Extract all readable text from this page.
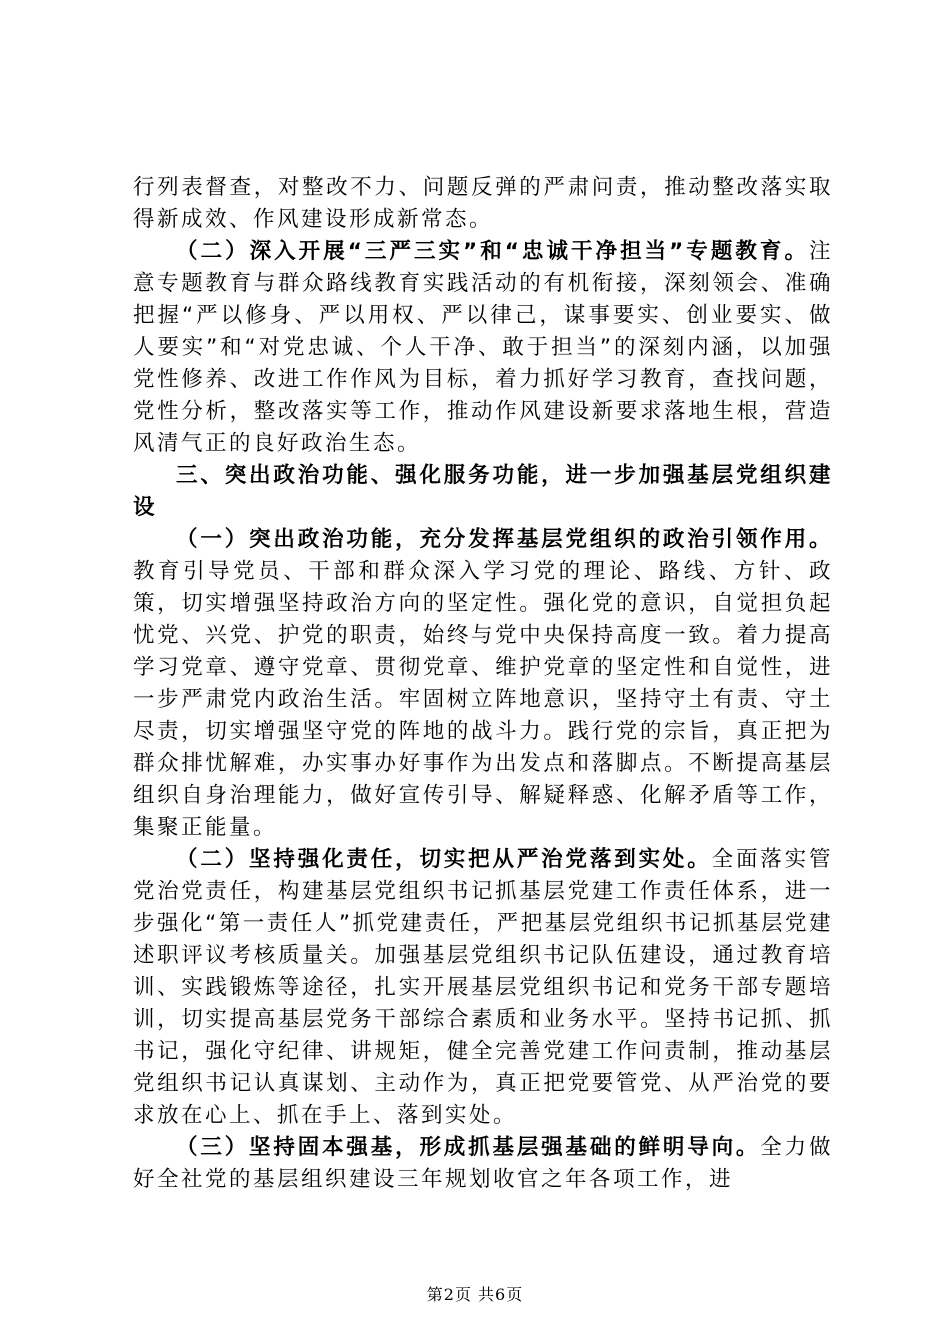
行列表督查，对整改不力、问题反弹的严肃问责，推动整改落实取得新成效、作风建设形成新常态。

（二）深入开展“三严三实”和“忠诚干净担当”专题教育。注意专题教育与群众路线教育实践活动的有机衔接，深刻领会、准确把握“严以修身、严以用权、严以律己，谋事要实、创业要实、做人要实”和“对党忠诚、个人干净、敢于担当”的深刻内涵，以加强党性修养、改进工作作风为目标，着力抓好学习教育，查找问题，党性分析，整改落实等工作，推动作风建设新要求落地生根，营造风清气正的良好政治生态。

三、突出政治功能、强化服务功能，进一步加强基层党组织建设

（一）突出政治功能，充分发挥基层党组织的政治引领作用。教育引导党员、干部和群众深入学习党的理论、路线、方针、政策，切实增强坚持政治方向的坚定性。强化党的意识，自觉担负起忧党、兴党、护党的职责，始终与党中央保持高度一致。着力提高学习党章、遵守党章、贯彻党章、维护党章的坚定性和自觉性，进一步严肃党内政治生活。牢固树立阵地意识，坚持守土有责、守土尽责，切实增强坚守党的阵地的战斗力。践行党的宗旨，真正把为群众排忧解难，办实事办好事作为出发点和落脚点。不断提高基层组织自身治理能力，做好宣传引导、解疑释惑、化解矛盾等工作，集聚正能量。

（二）坚持强化责任，切实把从严治党落到实处。全面落实管党治党责任，构建基层党组织书记抓基层党建工作责任体系，进一步强化“第一责任人”抓党建责任，严把基层党组织书记抓基层党建述职评议考核质量关。加强基层党组织书记队伍建设，通过教育培训、实践锻炼等途径，扎实开展基层党组织书记和党务干部专题培训，切实提高基层党务干部综合素质和业务水平。坚持书记抓、抓书记，强化守纪律、讲规矩，健全完善党建工作问责制，推动基层党组织书记认真谋划、主动作为，真正把党要管党、从严治党的要求放在心上、抓在手上、落到实处。

（三）坚持固本强基，形成抓基层强基础的鲜明导向。全力做好全社党的基层组织建设三年规划收官之年各项工作，进

第2页 共6页
